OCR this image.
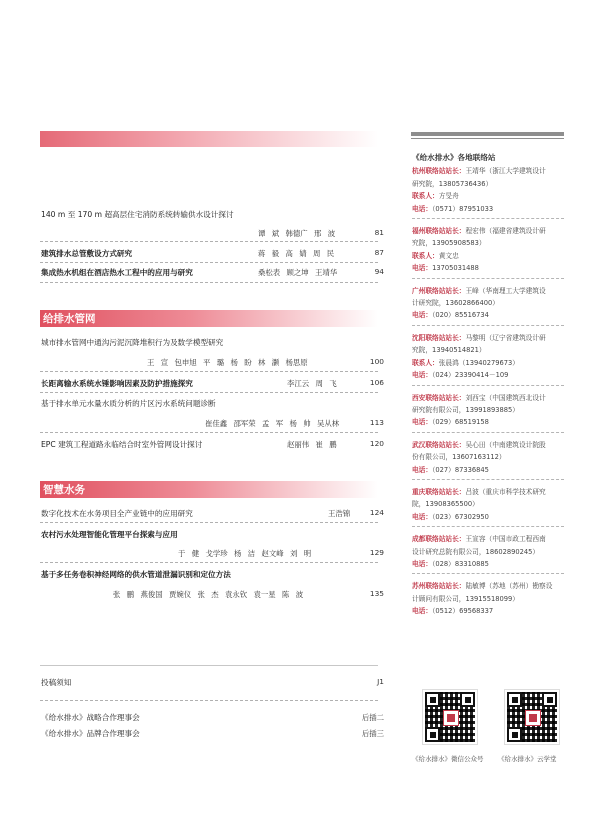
140 m 至 170 m 超高层住宅消防系统转输供水设计探讨
谭 斌 韩德广 邢 波	81
建筑排水总管敷设方式研究	蒋 毅 高 婧 周 民	87
集成热水机组在酒店热水工程中的应用与研究	桑松表 顾之坤 王靖华	94
给排水管网
城市排水管网中通沟污泥沉降堆积行为及数学模型研究
王 宣 包申旭 平 璐 杨 盼 林 灏 杨思原	100
长距离输水系统水锤影响因素及防护措施探究	李江云 周 飞	106
基于排水单元水量水质分析的片区污水系统问题诊断
崔佳鑫 邵军荣 孟 军 杨 帅 吴从林	113
EPC 建筑工程道路永临结合时室外管网设计探讨	赵丽伟 崔 鹏	120
智慧水务
数字化技术在水务项目全产业链中的应用研究	王浩锦	124
农村污水处理智能化管理平台探索与应用
于 健 戈学珍 杨 洁 赵文峰 刘 明	129
基于多任务卷积神经网络的供水管道泄漏识别和定位方法
张 鹏 燕俊国 贾婉仪 张 杰 袁永钦 袁一星 陈 波	135
投稿须知	J1
《给水排水》战略合作理事会	后插二
《给水排水》品牌合作理事会	后插三
《给水排水》各地联络站
杭州联络站站长：王靖华（浙江大学建筑设计
研究院，13805736436）
联系人：方旻舟
电话：（0571）87951033
福州联络站站长：程宏伟（福建省建筑设计研
究院，13905908583）
联系人：黄文忠
电话：13705031488
广州联络站站长：王峰（华南理工大学建筑设
计研究院，13602866400）
电话：（020）85516734
沈阳联络站站长：马黎明（辽宁省建筑设计研
究院，13940514821）
联系人：张晨鸿（13940279673）
电话：（024）23390414－109
西安联络站站长：刘西宝（中国建筑西北设计
研究院有限公司，13991893885）
电话：（029）68519158
武汉联络站站长：吴心田（中南建筑设计院股
份有限公司，13607163112）
电话：（027）87336845
重庆联络站站长：吕波（重庆市科学技术研究
院，13908365500）
电话：（023）67302950
成都联络站站长：王宣容（中国市政工程西南
设计研究总院有限公司，18602890245）
电话：（028）83310885
苏州联络站站长：陆敏博（苏地（苏州）勘察设
计顾问有限公司，13915518099）
电话：（0512）69568337
《给水排水》微信公众号 《给水排水》云学堂
